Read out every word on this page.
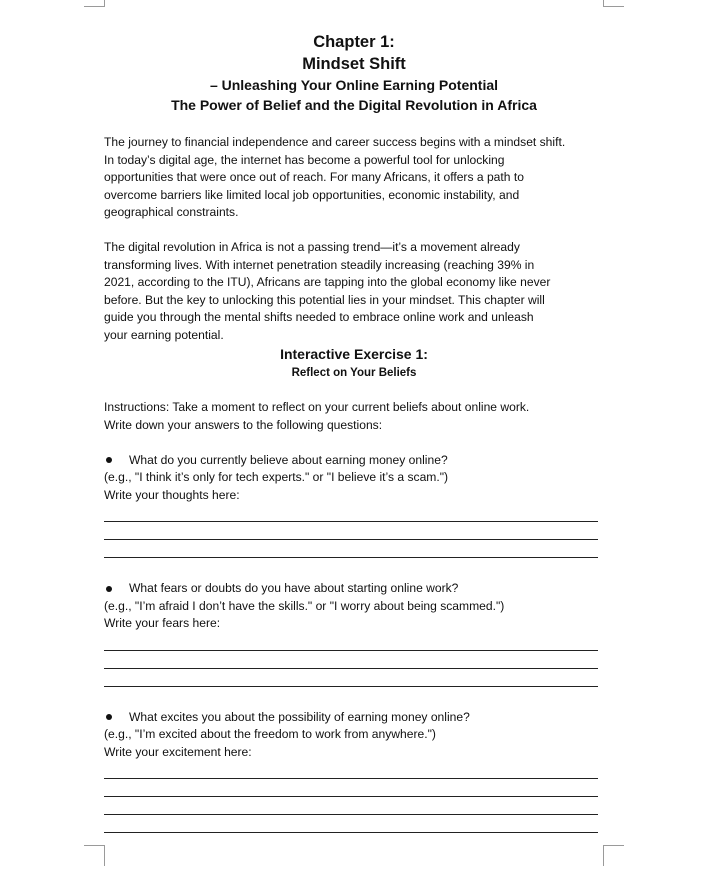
Chapter 1:
Mindset Shift
– Unleashing Your Online Earning Potential
The Power of Belief and the Digital Revolution in Africa

The journey to financial independence and career success begins with a mindset shift.

In today’s digital age, the internet has become a powerful tool for unlocking

opportunities that were once out of reach. For many Africans, it offers a path to

overcome barriers like limited local job opportunities, economic instability, and

geographical constraints.

The digital revolution in Africa is not a passing trend—it’s a movement already

transforming lives. With internet penetration steadily increasing (reaching 39% in

2021, according to the ITU), Africans are tapping into the global economy like never

before. But the key to unlocking this potential lies in your mindset. This chapter will

guide you through the mental shifts needed to embrace online work and unleash

your earning potential.

Interactive Exercise 1:
Reflect on Your Beliefs

Instructions: Take a moment to reflect on your current beliefs about online work.

Write down your answers to the following questions:

What do you currently believe about earning money online?

(e.g., "I think it’s only for tech experts." or "I believe it’s a scam.")

Write your thoughts here:

What fears or doubts do you have about starting online work?

(e.g., "I’m afraid I don’t have the skills." or "I worry about being scammed.")

Write your fears here:

What excites you about the possibility of earning money online?

(e.g., "I’m excited about the freedom to work from anywhere.")

Write your excitement here:
